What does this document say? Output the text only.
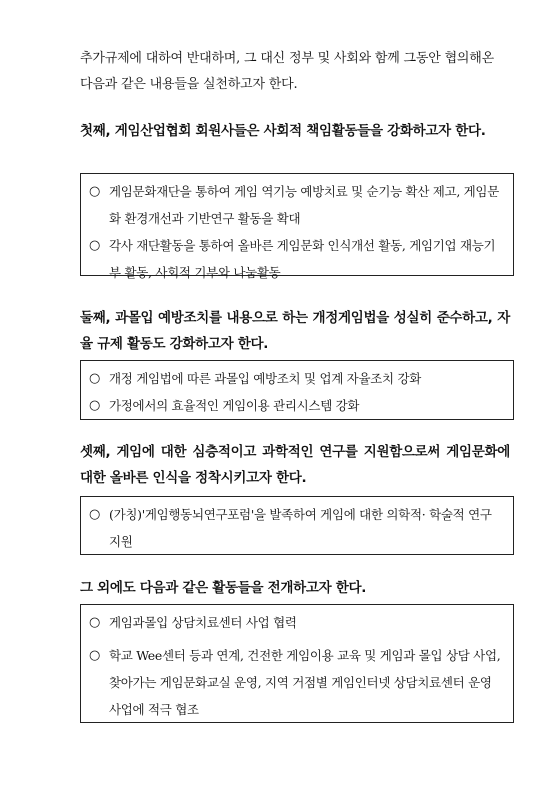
추가규제에 대하여 반대하며, 그 대신 정부 및 사회와 함께 그동안 협의해온 다음과 같은 내용들을 실천하고자 한다.
첫째, 게임산업협회 회원사들은 사회적 책임활동들을 강화하고자 한다.
○ 게임문화재단을 통하여 게임 역기능 예방치료 및 순기능 확산 제고, 게임문화 환경개선과 기반연구 활동을 확대
○ 각사 재단활동을 통하여 올바른 게임문화 인식개선 활동, 게임기업 재능기부 활동, 사회적 기부와 나눔활동
둘째, 과몰입 예방조치를 내용으로 하는 개정게임법을 성실히 준수하고, 자율 규제 활동도 강화하고자 한다.
○ 개정 게임법에 따른 과몰입 예방조치 및 업계 자율조치 강화
○ 가정에서의 효율적인 게임이용 관리시스템 강화
셋째, 게임에 대한 심층적이고 과학적인 연구를 지원함으로써 게임문화에 대한 올바른 인식을 정착시키고자 한다.
○ (가칭)'게임행동뇌연구포럼'을 발족하여 게임에 대한 의학적· 학술적 연구 지원
그 외에도 다음과 같은 활동들을 전개하고자 한다.
○ 게임과몰입 상담치료센터 사업 협력
○ 학교 Wee센터 등과 연계, 건전한 게임이용 교육 및 게임과 몰입 상담 사업, 찾아가는 게임문화교실 운영, 지역 거점별 게임인터넷 상담치료센터 운영 사업에 적극 협조
